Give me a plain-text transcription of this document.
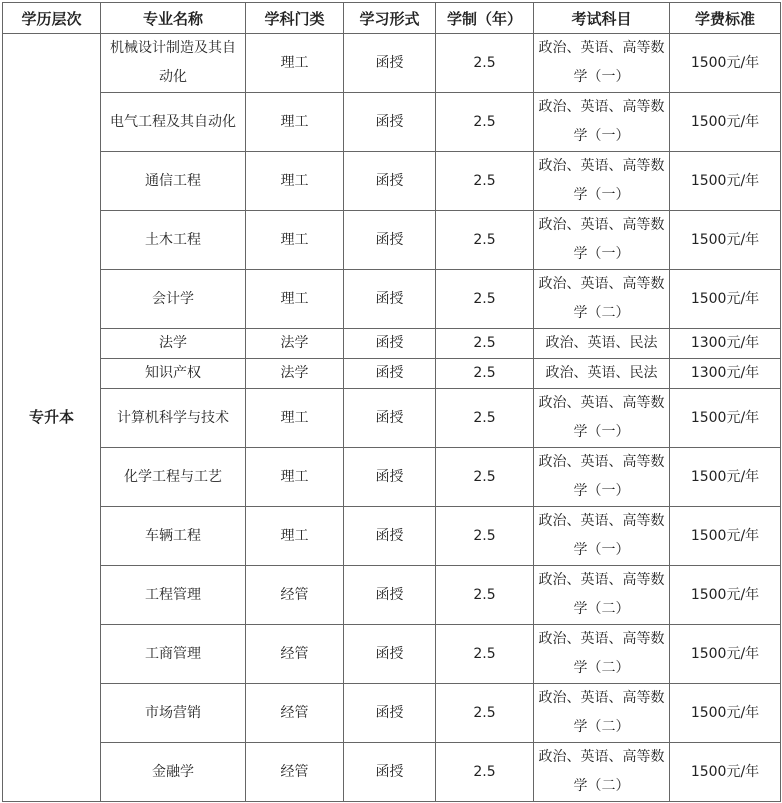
学历层次	专业名称	学科门类	学习形式	学制（年）	考试科目	学费标准
专升本	机械设计制造及其自动化	理工	函授	2.5	政治、英语、高等数学（一）	1500元/年
	电气工程及其自动化	理工	函授	2.5	政治、英语、高等数学（一）	1500元/年
	通信工程	理工	函授	2.5	政治、英语、高等数学（一）	1500元/年
	土木工程	理工	函授	2.5	政治、英语、高等数学（一）	1500元/年
	会计学	理工	函授	2.5	政治、英语、高等数学（二）	1500元/年
	法学	法学	函授	2.5	政治、英语、民法	1300元/年
	知识产权	法学	函授	2.5	政治、英语、民法	1300元/年
	计算机科学与技术	理工	函授	2.5	政治、英语、高等数学（一）	1500元/年
	化学工程与工艺	理工	函授	2.5	政治、英语、高等数学（一）	1500元/年
	车辆工程	理工	函授	2.5	政治、英语、高等数学（一）	1500元/年
	工程管理	经管	函授	2.5	政治、英语、高等数学（二）	1500元/年
	工商管理	经管	函授	2.5	政治、英语、高等数学（二）	1500元/年
	市场营销	经管	函授	2.5	政治、英语、高等数学（二）	1500元/年
	金融学	经管	函授	2.5	政治、英语、高等数学（二）	1500元/年
